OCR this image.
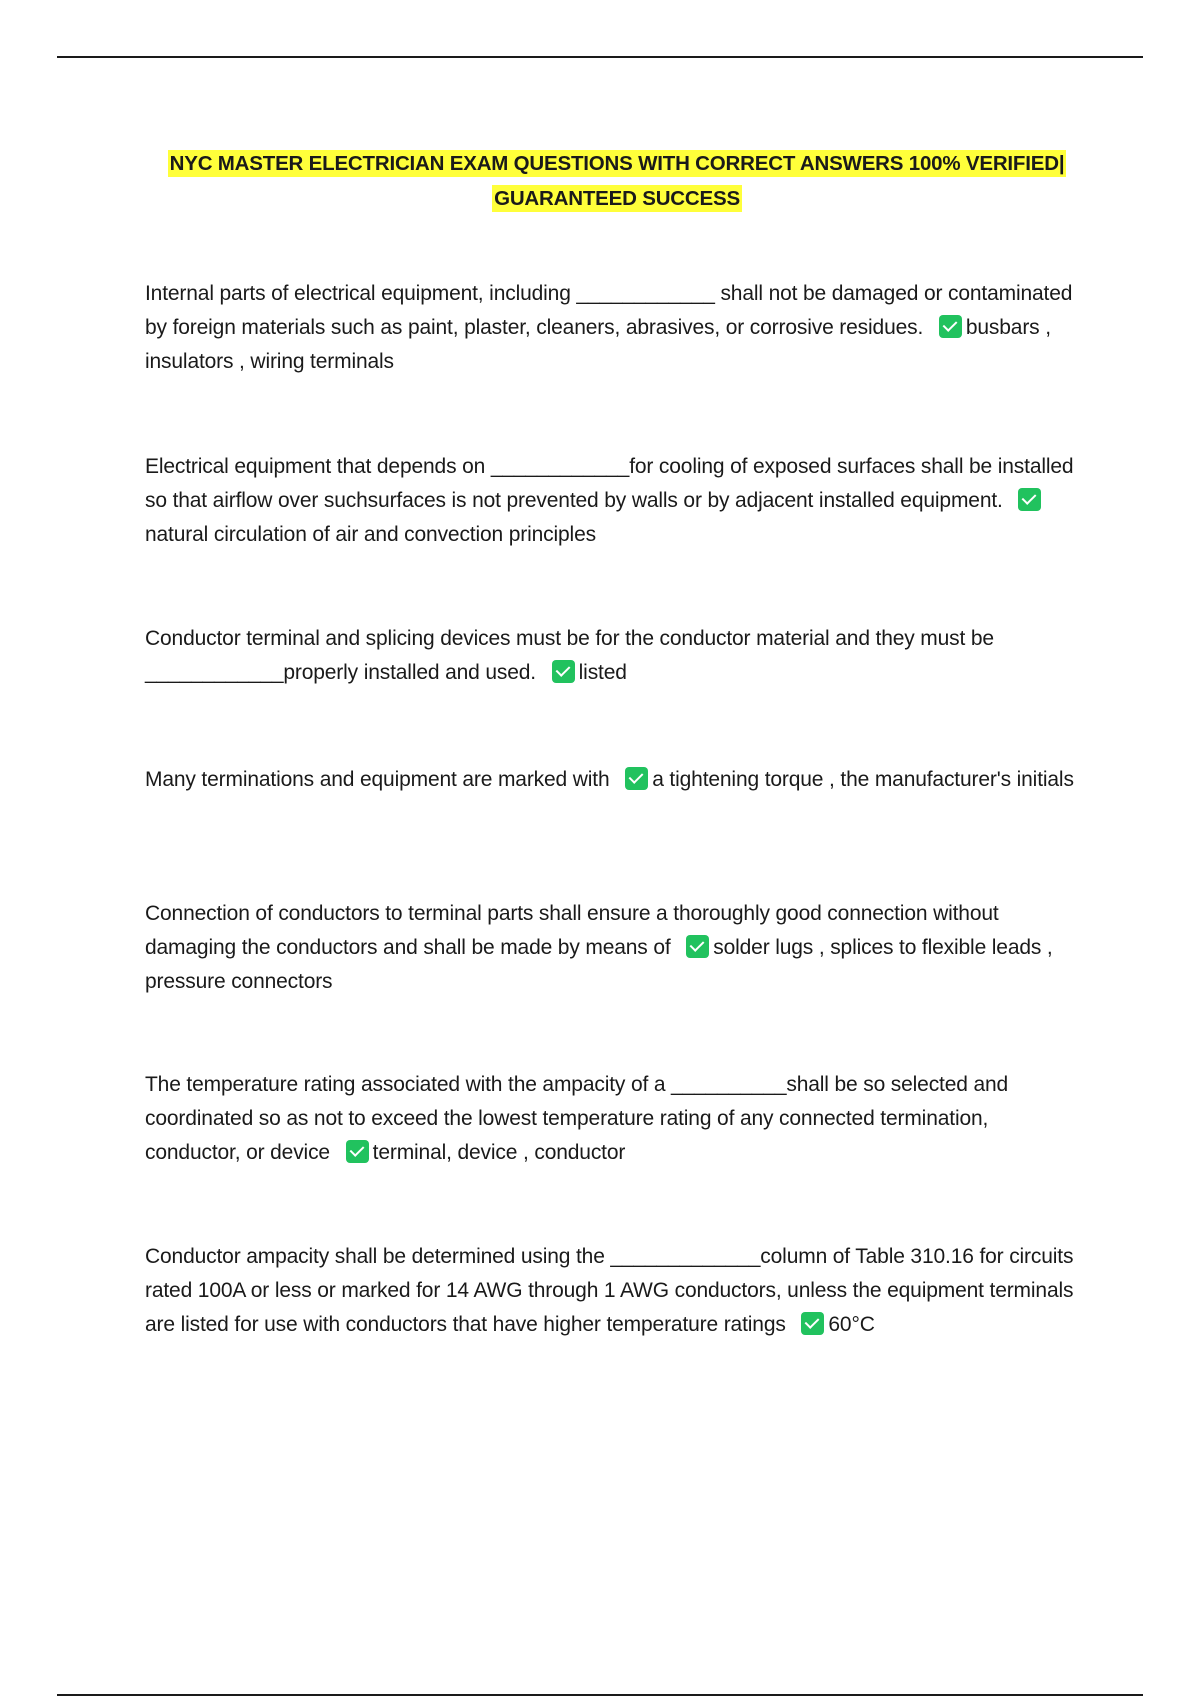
NYC MASTER ELECTRICIAN EXAM QUESTIONS WITH CORRECT ANSWERS 100% VERIFIED|
GUARANTEED SUCCESS
Internal parts of electrical equipment, including ____________ shall not be damaged or contaminated by foreign materials such as paint, plaster, cleaners, abrasives, or corrosive residues. busbars , insulators , wiring terminals
Electrical equipment that depends on ____________for cooling of exposed surfaces shall be installed so that airflow over suchsurfaces is not prevented by walls or by adjacent installed equipment. natural circulation of air and convection principles
Conductor terminal and splicing devices must be for the conductor material and they must be ____________properly installed and used. listed
Many terminations and equipment are marked with a tightening torque , the manufacturer's initials
Connection of conductors to terminal parts shall ensure a thoroughly good connection without damaging the conductors and shall be made by means of solder lugs , splices to flexible leads , pressure connectors
The temperature rating associated with the ampacity of a __________shall be so selected and coordinated so as not to exceed the lowest temperature rating of any connected termination, conductor, or device terminal, device , conductor
Conductor ampacity shall be determined using the _____________column of Table 310.16 for circuits rated 100A or less or marked for 14 AWG through 1 AWG conductors, unless the equipment terminals are listed for use with conductors that have higher temperature ratings 60°C
